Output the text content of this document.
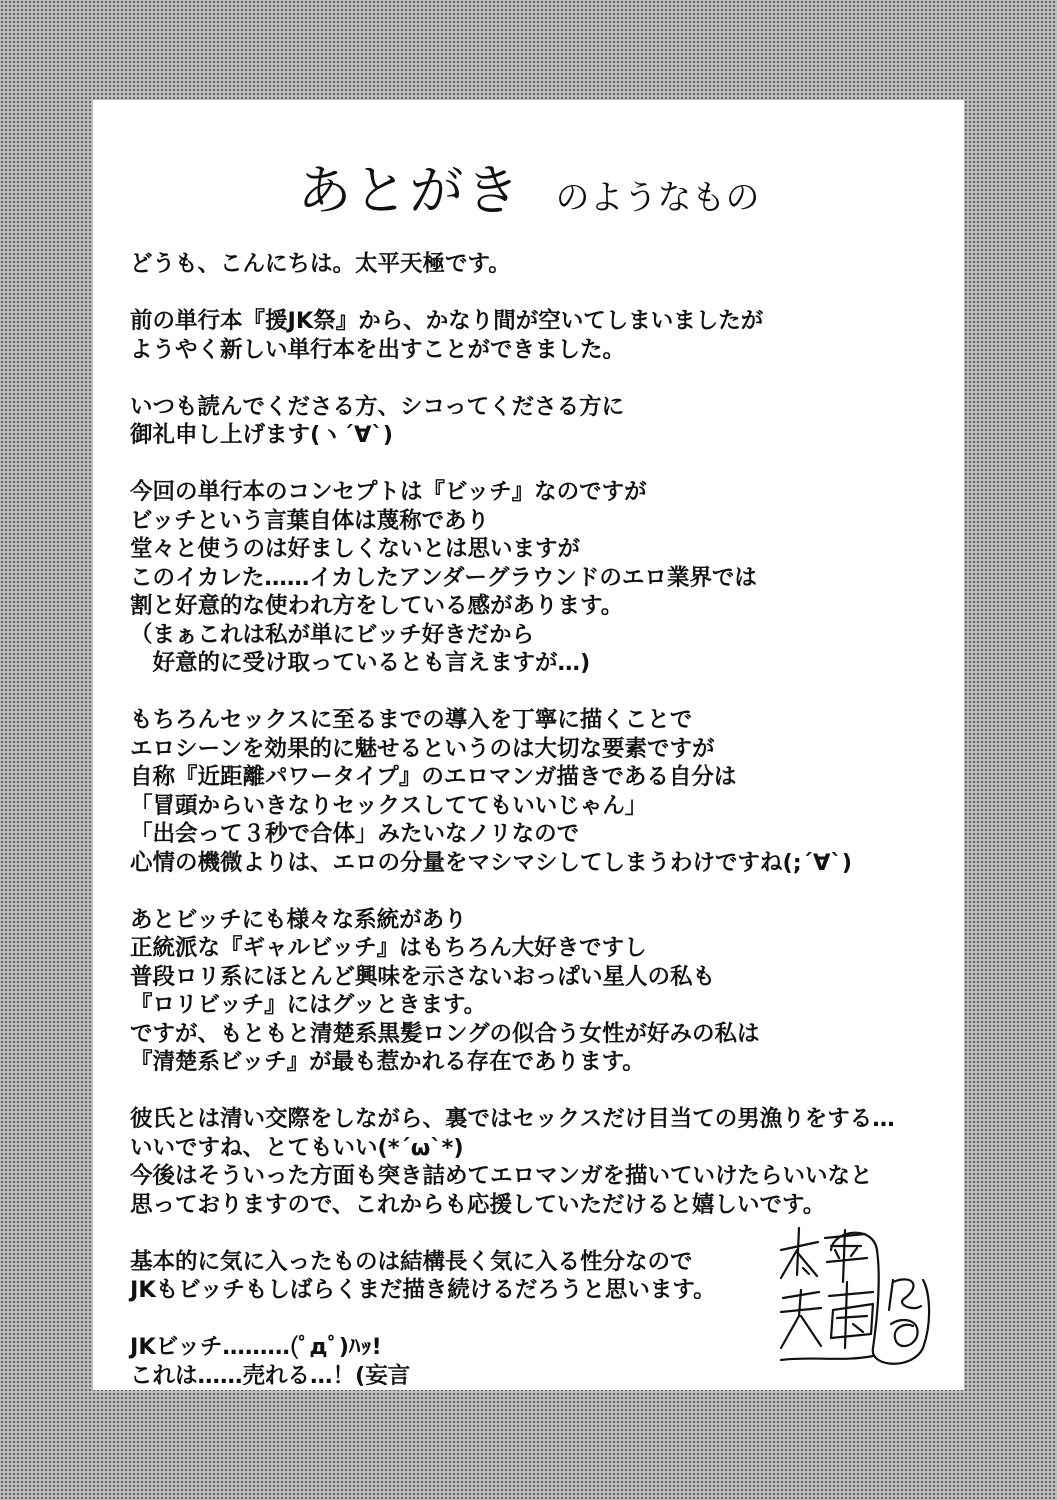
あとがき のようなもの
どうも、こんにちは。太平天極です。
前の単行本『援JK祭』から、かなり間が空いてしまいましたが
ようやく新しい単行本を出すことができました。
いつも読んでくださる方、シコってくださる方に
御礼申し上げます(ヽ´∀`)
今回の単行本のコンセプトは『ビッチ』なのですが
ビッチという言葉自体は蔑称であり
堂々と使うのは好ましくないとは思いますが
このイカレた……イカしたアンダーグラウンドのエロ業界では
割と好意的な使われ方をしている感があります。
（まぁこれは私が単にビッチ好きだから
　好意的に受け取っているとも言えますが…)
もちろんセックスに至るまでの導入を丁寧に描くことで
エロシーンを効果的に魅せるというのは大切な要素ですが
自称『近距離パワータイプ』のエロマンガ描きである自分は
「冒頭からいきなりセックスしててもいいじゃん」
「出会って３秒で合体」みたいなノリなので
心情の機微よりは、エロの分量をマシマシしてしまうわけですね(;´∀`)
あとビッチにも様々な系統があり
正統派な『ギャルビッチ』はもちろん大好きですし
普段ロリ系にほとんど興味を示さないおっぱい星人の私も
『ロリビッチ』にはグッときます。
ですが、もともと清楚系黒髪ロングの似合う女性が好みの私は
『清楚系ビッチ』が最も惹かれる存在であります。
彼氏とは清い交際をしながら、裏ではセックスだけ目当ての男漁りをする…
いいですね、とてもいい(*´ω`*)
今後はそういった方面も突き詰めてエロマンガを描いていけたらいいなと
思っておりますので、これからも応援していただけると嬉しいです。
基本的に気に入ったものは結構長く気に入る性分なので
JKもビッチもしばらくまだ描き続けるだろうと思います。
JKビッチ………(ﾟдﾟ)ﾊｯ!
これは……売れる…！(妄言
